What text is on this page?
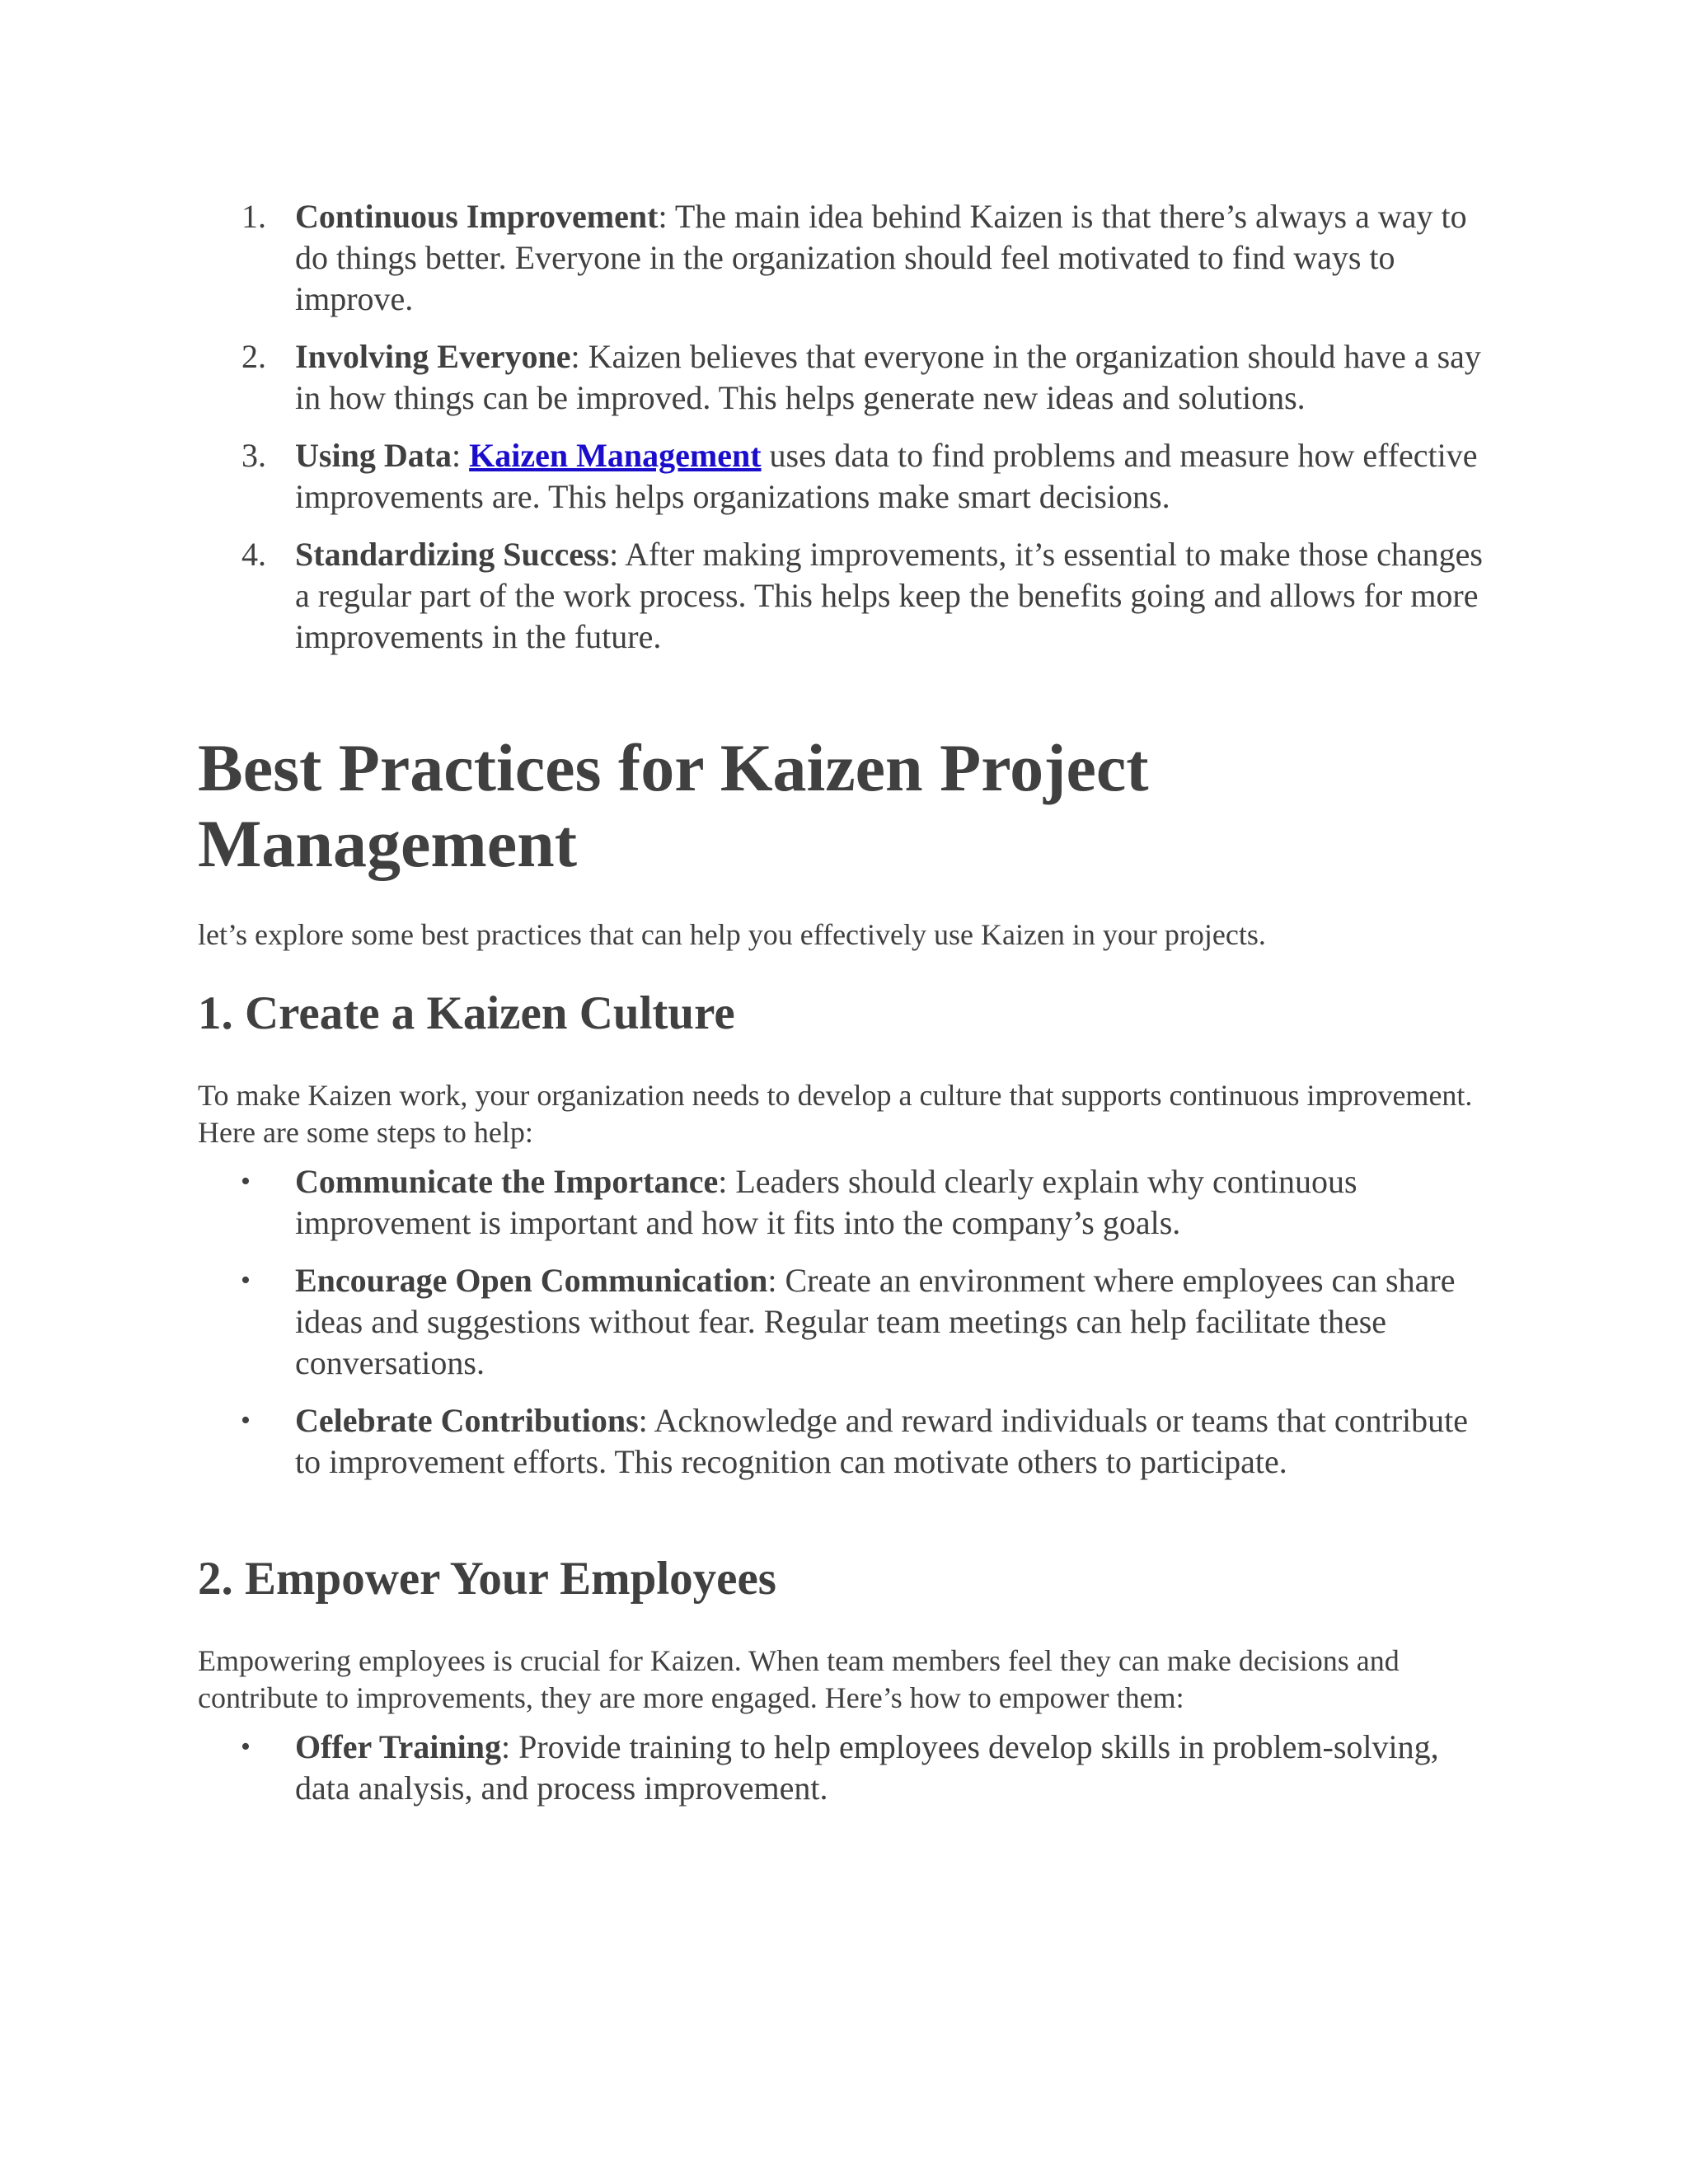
1. Continuous Improvement: The main idea behind Kaizen is that there’s always a way to do things better. Everyone in the organization should feel motivated to find ways to improve.
2. Involving Everyone: Kaizen believes that everyone in the organization should have a say in how things can be improved. This helps generate new ideas and solutions.
3. Using Data: Kaizen Management uses data to find problems and measure how effective improvements are. This helps organizations make smart decisions.
4. Standardizing Success: After making improvements, it’s essential to make those changes a regular part of the work process. This helps keep the benefits going and allows for more improvements in the future.
Best Practices for Kaizen Project Management

let’s explore some best practices that can help you effectively use Kaizen in your projects.

1. Create a Kaizen Culture

To make Kaizen work, your organization needs to develop a culture that supports continuous improvement. Here are some steps to help:

• Communicate the Importance: Leaders should clearly explain why continuous improvement is important and how it fits into the company’s goals.
• Encourage Open Communication: Create an environment where employees can share ideas and suggestions without fear. Regular team meetings can help facilitate these conversations.
• Celebrate Contributions: Acknowledge and reward individuals or teams that contribute to improvement efforts. This recognition can motivate others to participate.
2. Empower Your Employees

Empowering employees is crucial for Kaizen. When team members feel they can make decisions and contribute to improvements, they are more engaged. Here’s how to empower them:

• Offer Training: Provide training to help employees develop skills in problem-solving, data analysis, and process improvement.
